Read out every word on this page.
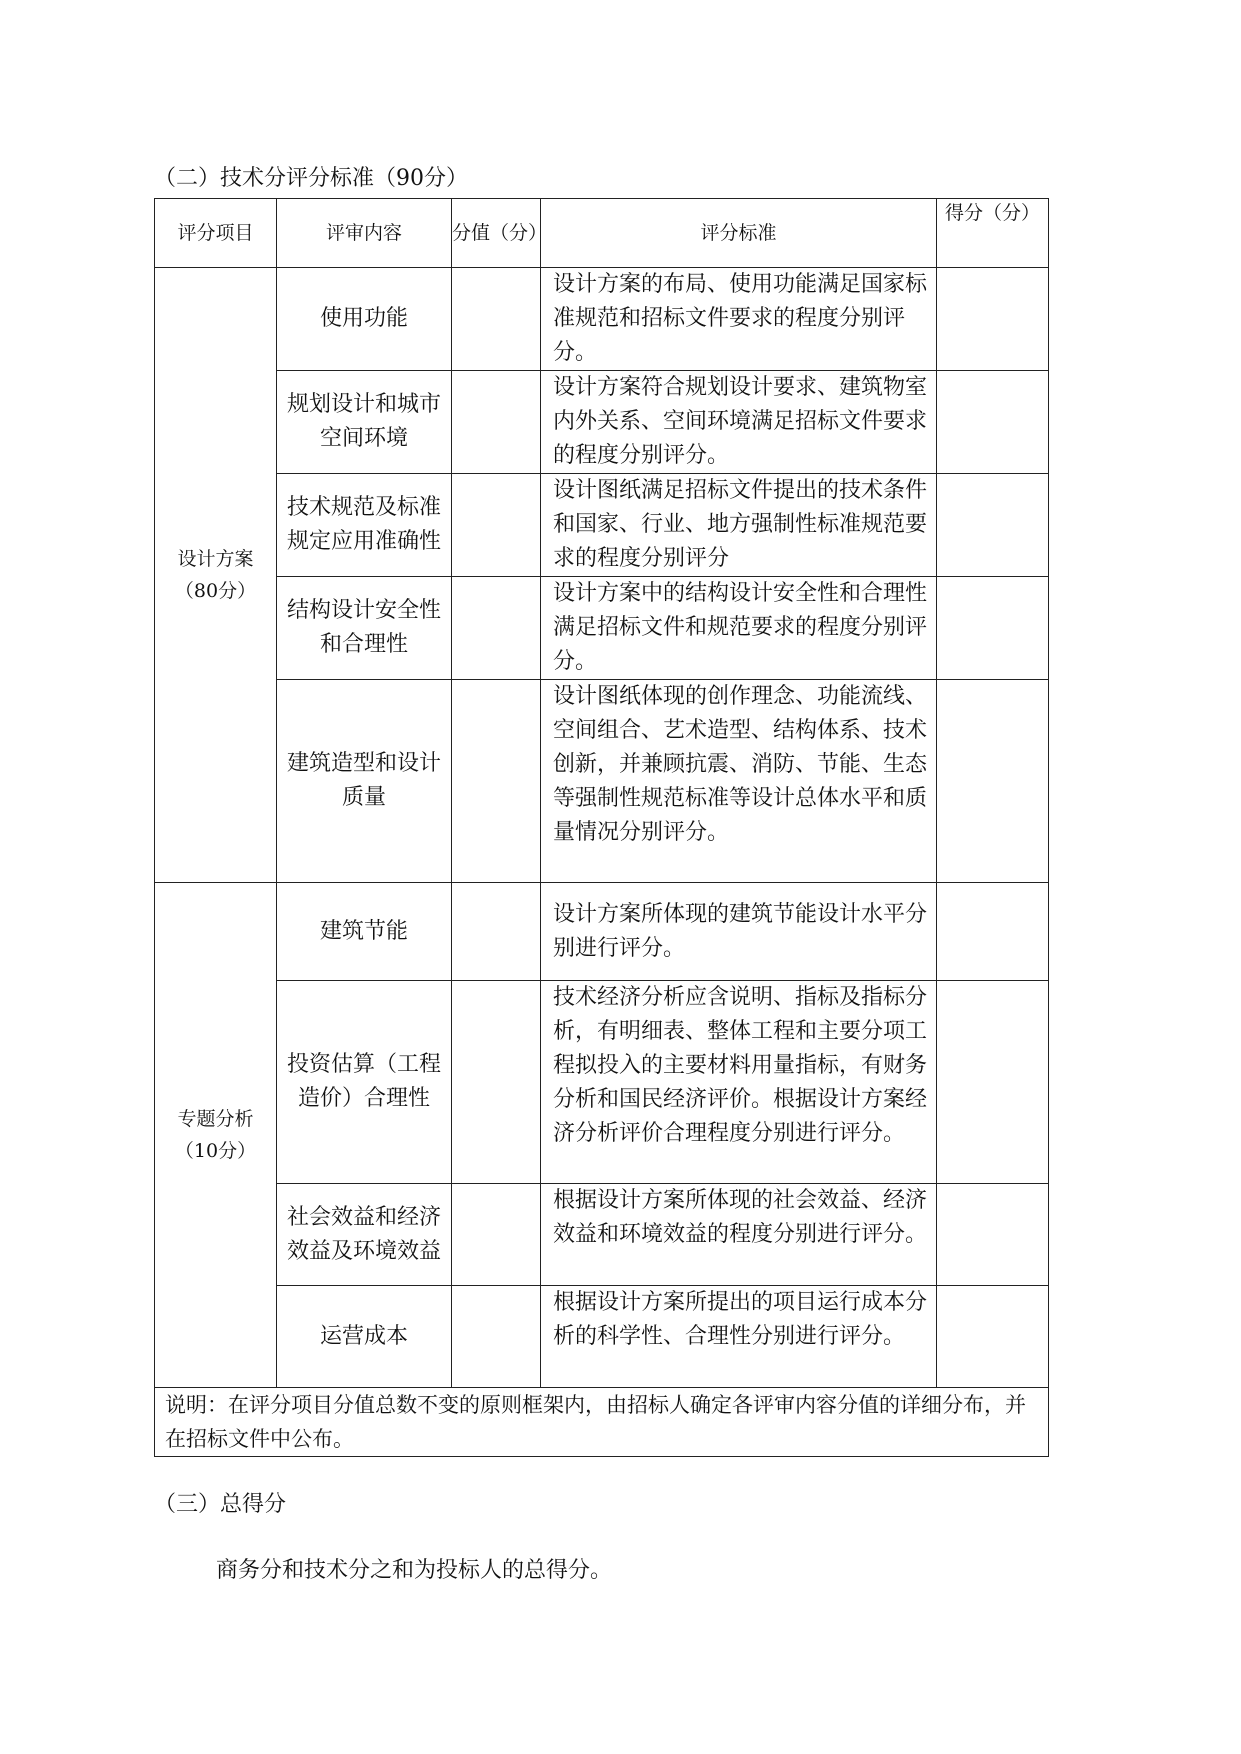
（二）技术分评分标准（90分）
评分项目	评审内容	分值（分）	评分标准	得分（分）
设计方案（80分）	使用功能		设计方案的布局、使用功能满足国家标准规范和招标文件要求的程度分别评分。	
	规划设计和城市空间环境		设计方案符合规划设计要求、建筑物室内外关系、空间环境满足招标文件要求的程度分别评分。	
	技术规范及标准规定应用准确性		设计图纸满足招标文件提出的技术条件和国家、行业、地方强制性标准规范要求的程度分别评分	
	结构设计安全性和合理性		设计方案中的结构设计安全性和合理性满足招标文件和规范要求的程度分别评分。	
	建筑造型和设计质量		设计图纸体现的创作理念、功能流线、空间组合、艺术造型、结构体系、技术创新，并兼顾抗震、消防、节能、生态等强制性规范标准等设计总体水平和质量情况分别评分。	
专题分析（10分）	建筑节能		设计方案所体现的建筑节能设计水平分别进行评分。	
	投资估算（工程造价）合理性		技术经济分析应含说明、指标及指标分析，有明细表、整体工程和主要分项工程拟投入的主要材料用量指标，有财务分析和国民经济评价。根据设计方案经济分析评价合理程度分别进行评分。	
	社会效益和经济效益及环境效益		根据设计方案所体现的社会效益、经济效益和环境效益的程度分别进行评分。	
	运营成本		根据设计方案所提出的项目运行成本分析的科学性、合理性分别进行评分。	
说明：在评分项目分值总数不变的原则框架内，由招标人确定各评审内容分值的详细分布，并在招标文件中公布。				
（三）总得分
商务分和技术分之和为投标人的总得分。
